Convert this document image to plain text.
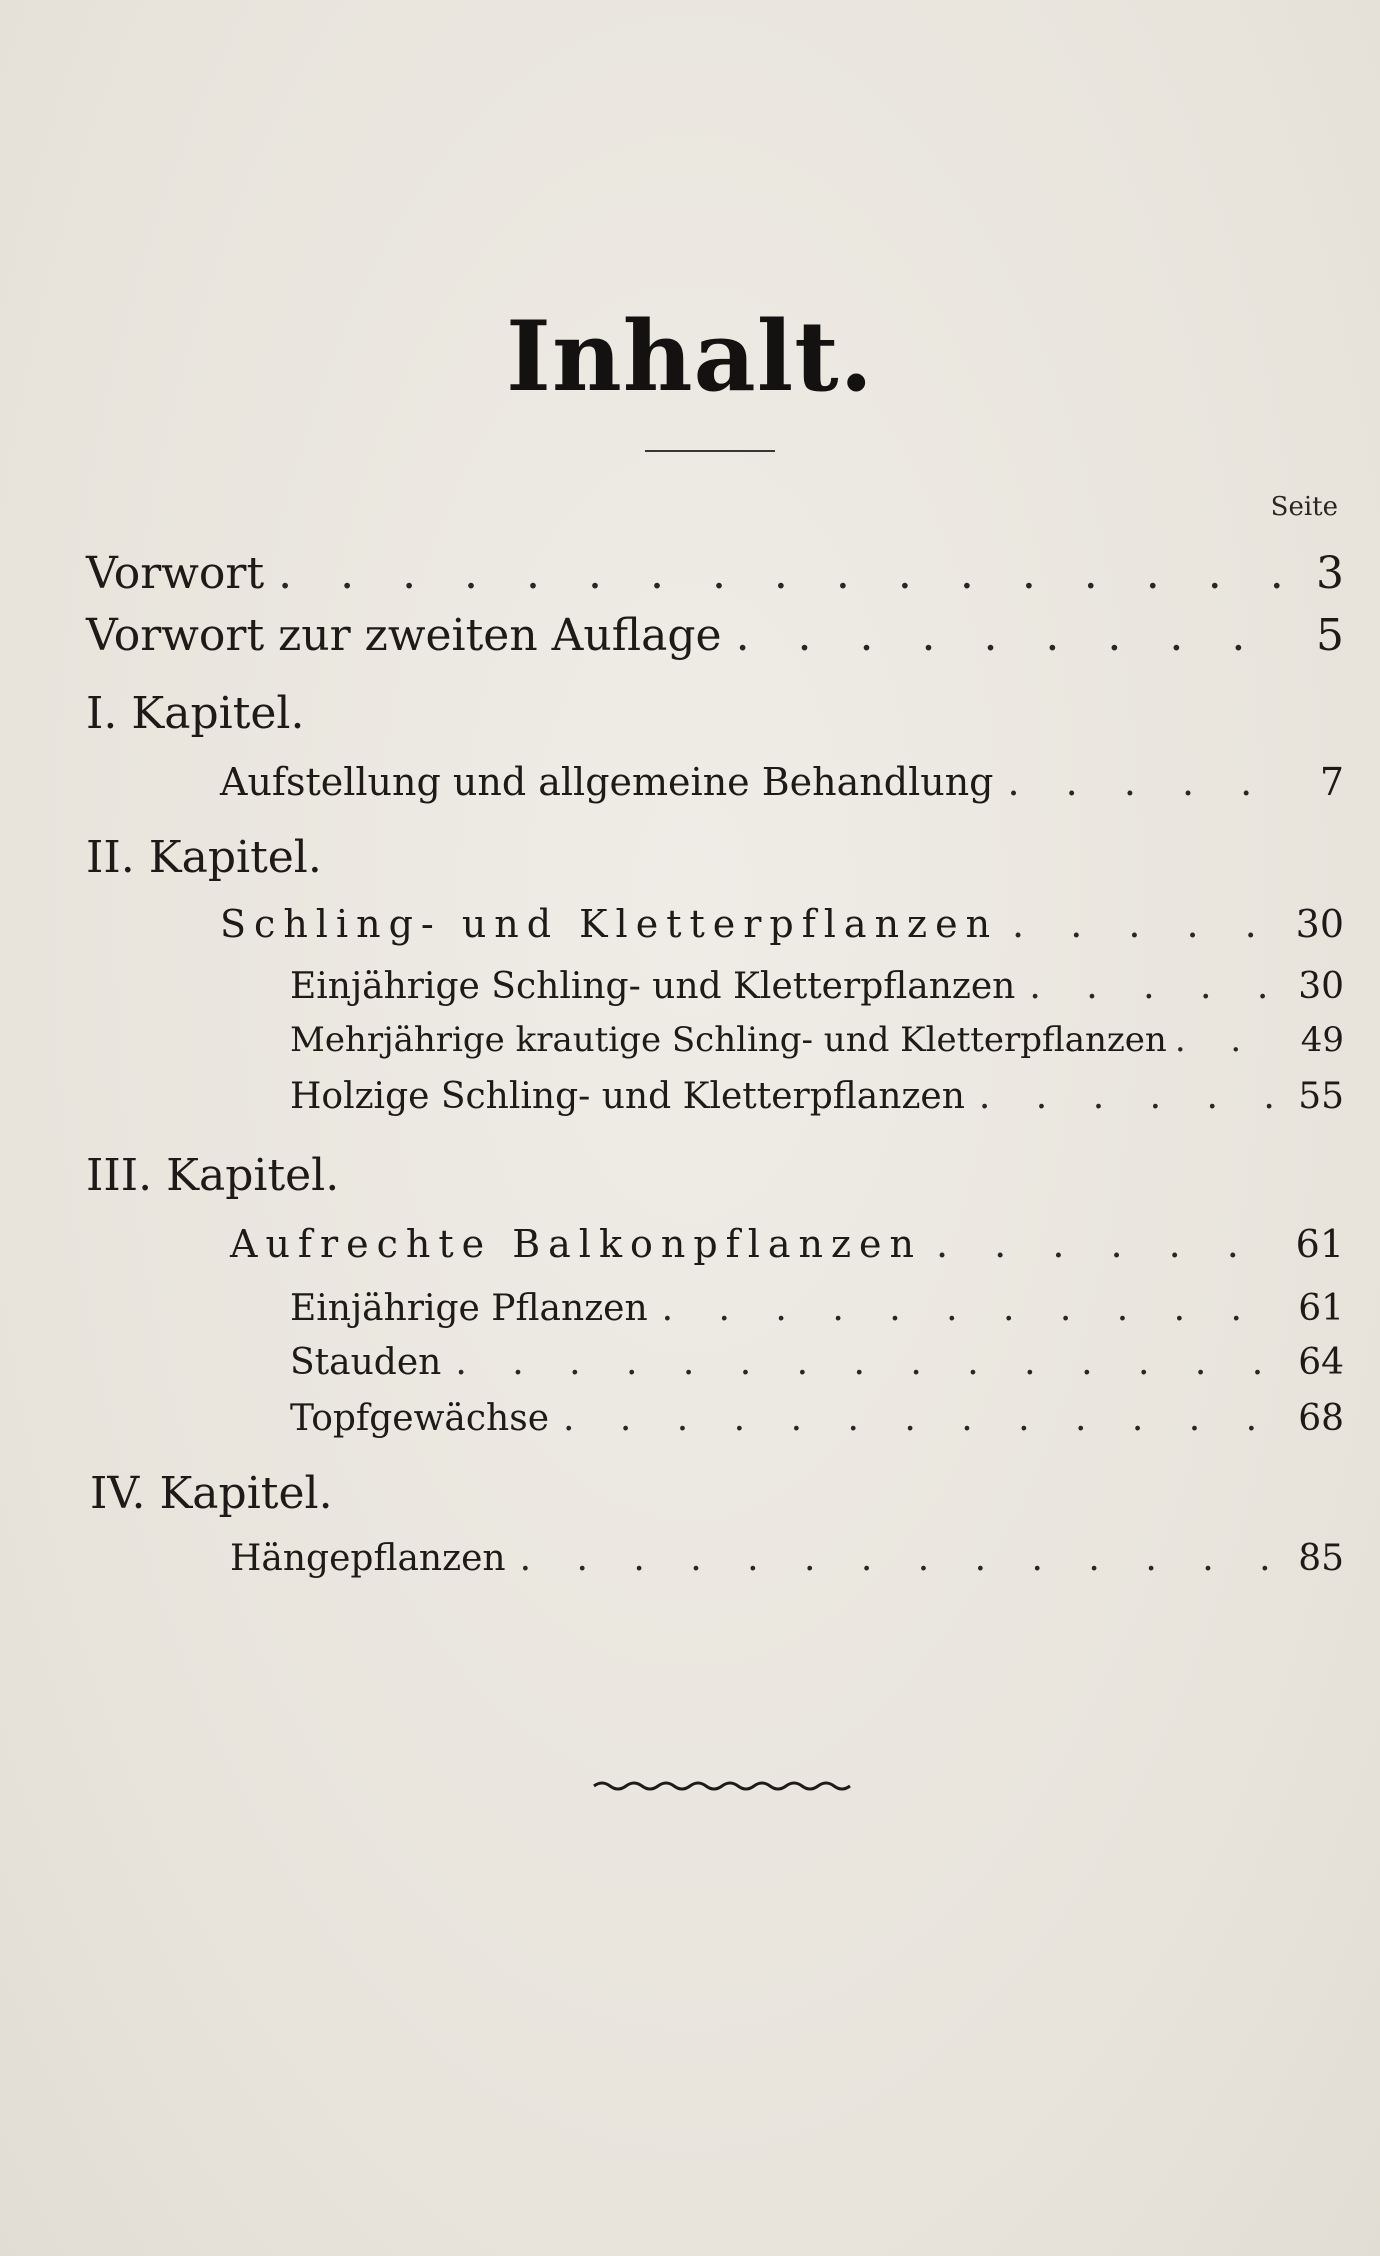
Inhalt.
Seite
Vorwort . . .	3
Vorwort zur zweiten Auflage . . .	5
I. Kapitel.
Aufstellung und allgemeine Behandlung . . .	7
II. Kapitel.
Schling- und Kletterpflanzen . . .	30
Einjährige Schling- und Kletterpflanzen . . .	30
Mehrjährige krautige Schling- und Kletterpflanzen . . .	49
Holzige Schling- und Kletterpflanzen . . .	55
III. Kapitel.
Aufrechte Balkonpflanzen . . .	61
Einjährige Pflanzen . . .	61
Stauden . . .	64
Topfgewächse . . .	68
IV. Kapitel.
Hängepflanzen . . .	85
